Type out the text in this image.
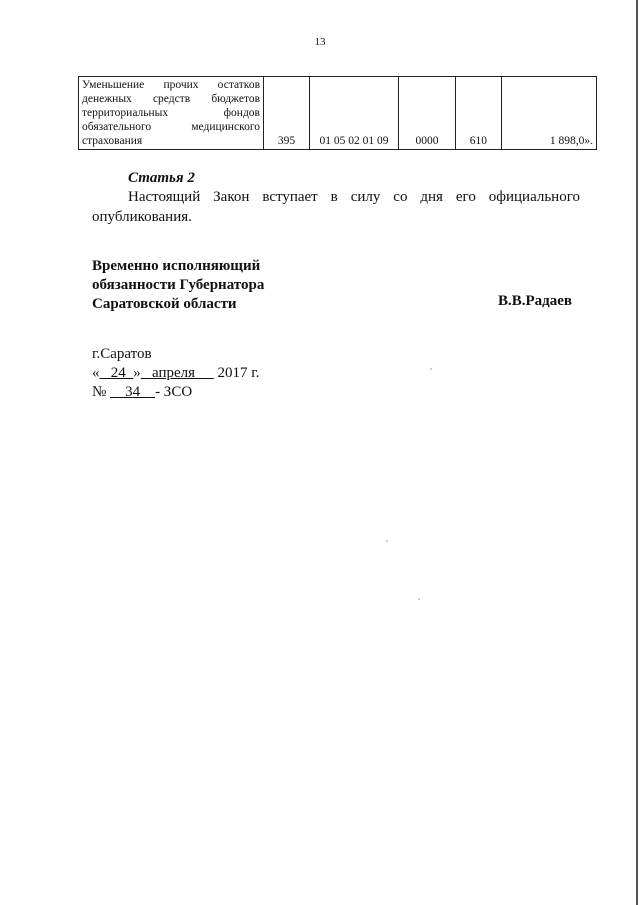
13
Уменьшение прочих остатков денежных средств бюджетов территориальных фондов обязательного медицинского страхования	395	01 05 02 01 09	0000	610	1 898,0».
Статья 2
Настоящий Закон вступает в силу со дня его официального опубликования.
Временно исполняющий
обязанности Губернатора
Саратовской области	В.В.Радаев
г.Саратов
« 24 » апреля 2017 г.
№ 34 - ЗСО
